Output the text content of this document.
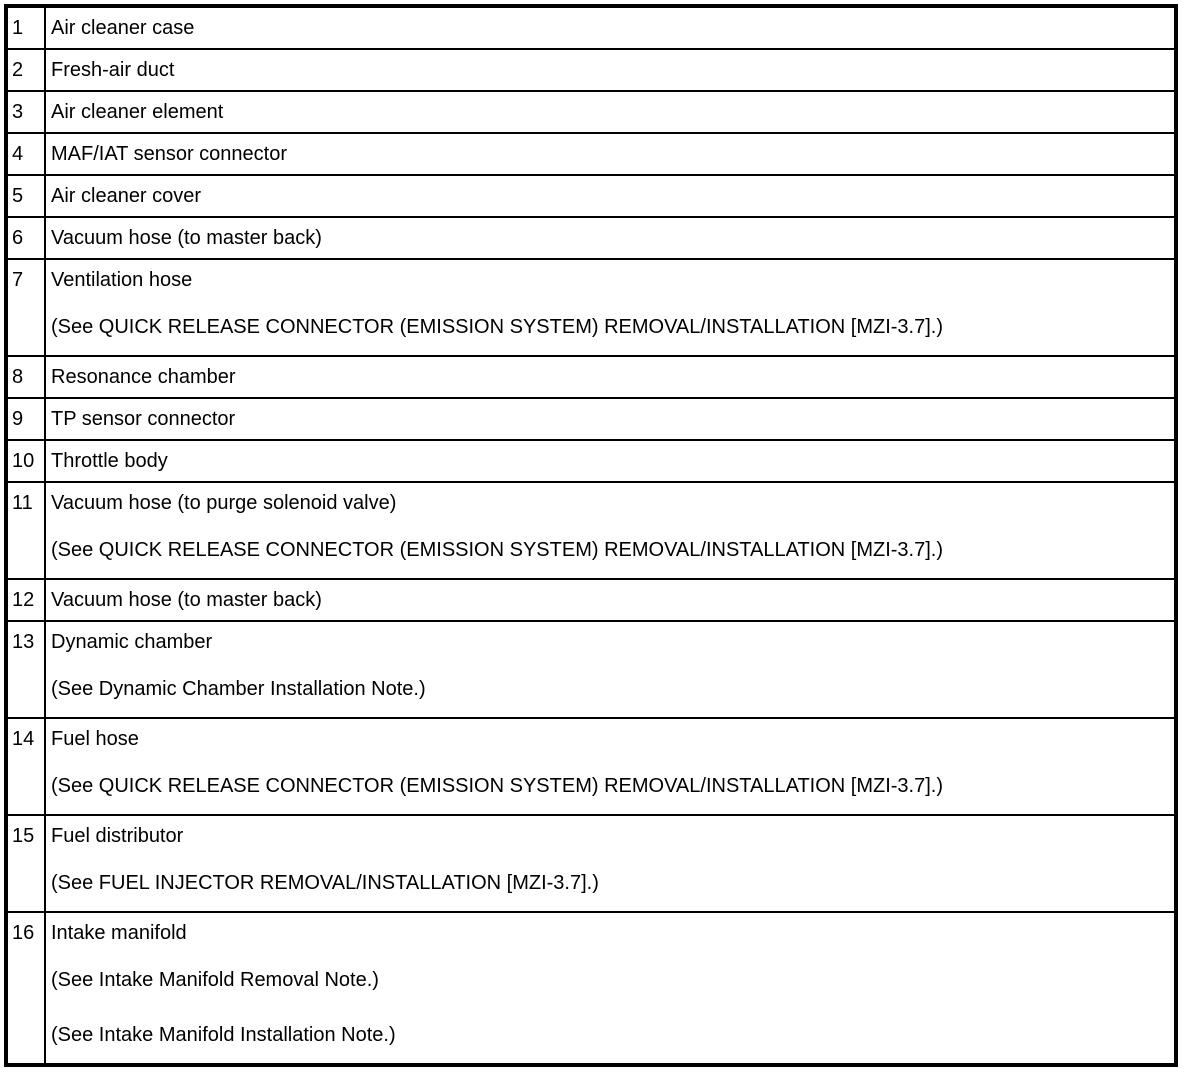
1	Air cleaner case
2	Fresh-air duct
3	Air cleaner element
4	MAF/IAT sensor connector
5	Air cleaner cover
6	Vacuum hose (to master back)
7	Ventilation hose
(See QUICK RELEASE CONNECTOR (EMISSION SYSTEM) REMOVAL/INSTALLATION [MZI-3.7].)
8	Resonance chamber
9	TP sensor connector
10 Throttle body
11 Vacuum hose (to purge solenoid valve)
(See QUICK RELEASE CONNECTOR (EMISSION SYSTEM) REMOVAL/INSTALLATION [MZI-3.7].)
12 Vacuum hose (to master back)
13 Dynamic chamber
(See Dynamic Chamber Installation Note.)
14 Fuel hose
(See QUICK RELEASE CONNECTOR (EMISSION SYSTEM) REMOVAL/INSTALLATION [MZI-3.7].)
15 Fuel distributor
(See FUEL INJECTOR REMOVAL/INSTALLATION [MZI-3.7].)
16 Intake manifold
(See Intake Manifold Removal Note.)
(See Intake Manifold Installation Note.)
